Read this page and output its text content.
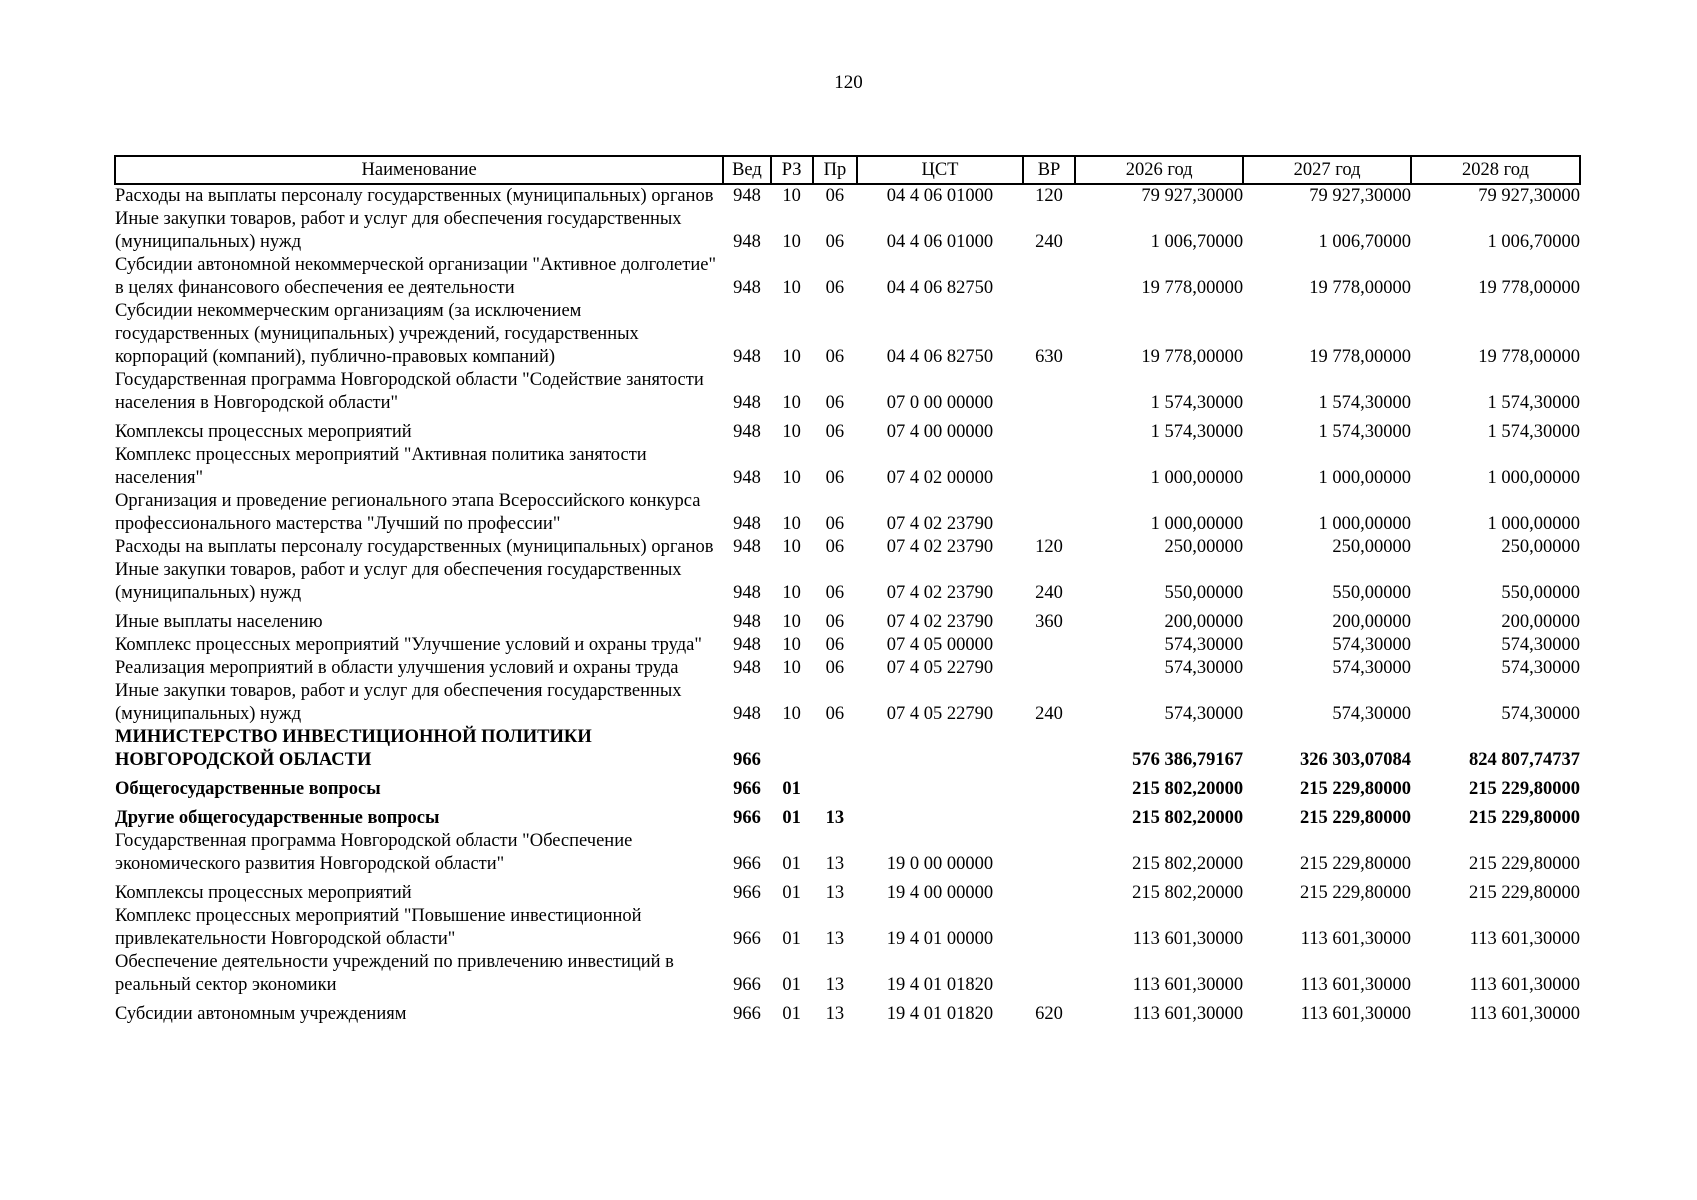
120
Наименование	Вед	РЗ	Пр	ЦСТ	ВР	2026 год	2027 год	2028 год
Расходы на выплаты персоналу государственных (муниципальных) органов	948	10	06	04 4 06 01000	120	79 927,30000	79 927,30000	79 927,30000
Иные закупки товаров, работ и услуг для обеспечения государственных (муниципальных) нужд	948	10	06	04 4 06 01000	240	1 006,70000	1 006,70000	1 006,70000
Субсидии автономной некоммерческой организации "Активное долголетие" в целях финансового обеспечения ее деятельности	948	10	06	04 4 06 82750		19 778,00000	19 778,00000	19 778,00000
Субсидии некоммерческим организациям (за исключением государственных (муниципальных) учреждений, государственных корпораций (компаний), публично-правовых компаний)	948	10	06	04 4 06 82750	630	19 778,00000	19 778,00000	19 778,00000
Государственная программа Новгородской области "Содействие занятости населения в Новгородской области"	948	10	06	07 0 00 00000		1 574,30000	1 574,30000	1 574,30000
Комплексы процессных мероприятий	948	10	06	07 4 00 00000		1 574,30000	1 574,30000	1 574,30000
Комплекс процессных мероприятий "Активная политика занятости населения"	948	10	06	07 4 02 00000		1 000,00000	1 000,00000	1 000,00000
Организация и проведение регионального этапа Всероссийского конкурса профессионального мастерства "Лучший по профессии"	948	10	06	07 4 02 23790		1 000,00000	1 000,00000	1 000,00000
Расходы на выплаты персоналу государственных (муниципальных) органов	948	10	06	07 4 02 23790	120	250,00000	250,00000	250,00000
Иные закупки товаров, работ и услуг для обеспечения государственных (муниципальных) нужд	948	10	06	07 4 02 23790	240	550,00000	550,00000	550,00000
Иные выплаты населению	948	10	06	07 4 02 23790	360	200,00000	200,00000	200,00000
Комплекс процессных мероприятий "Улучшение условий и охраны труда"	948	10	06	07 4 05 00000		574,30000	574,30000	574,30000
Реализация мероприятий в области улучшения условий и охраны труда	948	10	06	07 4 05 22790		574,30000	574,30000	574,30000
Иные закупки товаров, работ и услуг для обеспечения государственных (муниципальных) нужд	948	10	06	07 4 05 22790	240	574,30000	574,30000	574,30000
МИНИСТЕРСТВО ИНВЕСТИЦИОННОЙ ПОЛИТИКИ НОВГОРОДСКОЙ ОБЛАСТИ	966					576 386,79167	326 303,07084	824 807,74737
Общегосударственные вопросы	966	01				215 802,20000	215 229,80000	215 229,80000
Другие общегосударственные вопросы	966	01	13			215 802,20000	215 229,80000	215 229,80000
Государственная программа Новгородской области "Обеспечение экономического развития Новгородской области"	966	01	13	19 0 00 00000		215 802,20000	215 229,80000	215 229,80000
Комплексы процессных мероприятий	966	01	13	19 4 00 00000		215 802,20000	215 229,80000	215 229,80000
Комплекс процессных мероприятий "Повышение инвестиционной привлекательности Новгородской области"	966	01	13	19 4 01 00000		113 601,30000	113 601,30000	113 601,30000
Обеспечение деятельности учреждений по привлечению инвестиций в реальный сектор экономики	966	01	13	19 4 01 01820		113 601,30000	113 601,30000	113 601,30000
Субсидии автономным учреждениям	966	01	13	19 4 01 01820	620	113 601,30000	113 601,30000	113 601,30000
